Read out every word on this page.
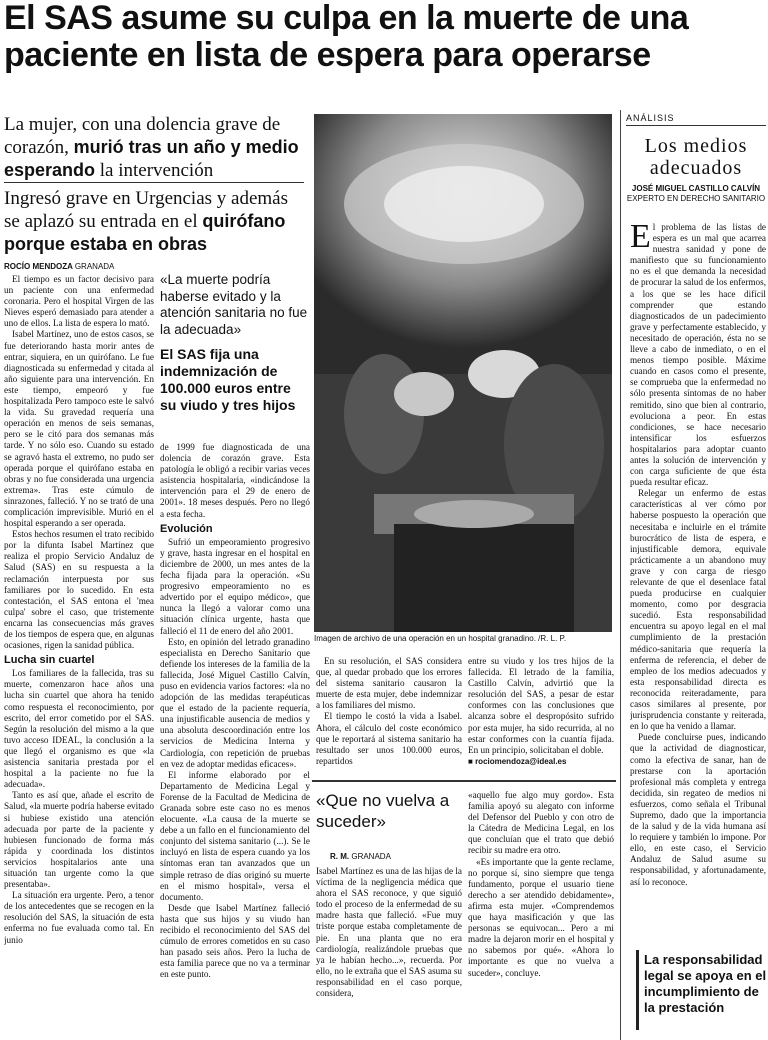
El SAS asume su culpa en la muerte de una paciente en lista de espera para operarse
La mujer, con una dolencia grave de corazón, murió tras un año y medio esperando la intervención
Ingresó grave en Urgencias y además se aplazó su entrada en el quirófano porque estaba en obras
ROCÍO MENDOZA GRANADA

El tiempo es un factor decisivo para un paciente con una enfermedad coronaria. Pero el hospital Virgen de las Nieves esperó demasiado para atender a uno de ellos. La lista de espera lo mató.

Isabel Martínez, uno de estos casos, se fue deteriorando hasta morir antes de entrar, siquiera, en un quirófano. Le fue diagnosticada su enfermedad y citada al año siguiente para una intervención. En este tiempo, empeoró y fue hospitalizada Pero tampoco este le salvó la vida. Su gravedad requería una operación en menos de seis semanas, pero se le citó para dos semanas más tarde. Y no sólo eso. Cuando su estado se agravó hasta el extremo, no pudo ser operada porque el quirófano estaba en obras y no fue considerada una urgencia extrema». Tras este cúmulo de sinrazones, falleció. Y no se trató de una complicación imprevisible. Murió en el hospital esperando a ser operada.

Estos hechos resumen el trato recibido por la difunta Isabel Martínez que realiza el propio Servicio Andaluz de Salud (SAS) en su respuesta a la reclamación interpuesta por sus familiares por lo sucedido. En esta contestación, el SAS entona el 'mea culpa' sobre el caso, que tristemente encarna las consecuencias más graves de los tiempos de espera que, en algunas ocasiones, rigen la sanidad pública.

Lucha sin cuartel

Los familiares de la fallecida, tras su muerte, comenzaron hace años una lucha sin cuartel que ahora ha tenido como respuesta el reconocimiento, por escrito, del error cometido por el SAS. Según la resolución del mismo a la que tuvo acceso IDEAL, la conclusión a la que llegó el organismo es que «la asistencia sanitaria prestada por el hospital a la paciente no fue la adecuada».

Tanto es así que, añade el escrito de Salud, «la muerte podría haberse evitado si hubiese existido una atención adecuada por parte de la paciente y hubiesen funcionado de forma más rápida y coordinada los distintos servicios hospitalarios ante una situación tan urgente como la que presentaba».

La situación era urgente. Pero, a tenor de los antecedentes que se recogen en la resolución del SAS, la situación de esta enferma no fue evaluada como tal. En junio

«La muerte podría haberse evitado y la atención sanitaria no fue la adecuada»
El SAS fija una indemnización de 100.000 euros entre su viudo y tres hijos

de 1999 fue diagnosticada de una dolencia de corazón grave. Esta patología le obligó a recibir varias veces asistencia hospitalaria, «indicándose la intervención para el 29 de enero de 2001». 18 meses después. Pero no llegó a esta fecha.

Evolución

Sufrió un empeoramiento progresivo y grave, hasta ingresar en el hospital en diciembre de 2000, un mes antes de la fecha fijada para la operación. «Su progresivo empeoramiento no es advertido por el equipo médico», que nunca la llegó a valorar como una situación clínica urgente, hasta que falleció el 11 de enero del año 2001.

Esto, en opinión del letrado granadino especialista en Derecho Sanitario que defiende los intereses de la familia de la fallecida, José Miguel Castillo Calvín, puso en evidencia varios factores: «la no adopción de las medidas terapéuticas que el estado de la paciente requería, una injustificable ausencia de medios y una absoluta descoordinación entre los servicios de Medicina Interna y Cardiología, con repetición de pruebas en vez de adoptar medidas eficaces».

El informe elaborado por el Departamento de Medicina Legal y Forense de la Facultad de Medicina de Granada sobre este caso no es menos elocuente. «La causa de la muerte se debe a un fallo en el funcionamiento del conjunto del sistema sanitario (...). Se le incluyó en lista de espera cuando ya los síntomas eran tan avanzados que un simple retraso de días originó su muerte en el mismo hospital», versa el documento.

Desde que Isabel Martínez falleció hasta que sus hijos y su viudo han recibido el reconocimiento del SAS del cúmulo de errores cometidos en su caso han pasado seis años. Pero la lucha de esta familia parece que no va a terminar en este punto.

Imagen de archivo de una operación en un hospital granadino. /R. L. P.

En su resolución, el SAS considera que, al quedar probado que los errores del sistema sanitario causaron la muerte de esta mujer, debe indemnizar a los familiares del mismo.

El tiempo le costó la vida a Isabel. Ahora, el cálculo del coste económico que le reportará al sistema sanitario ha resultado ser unos 100.000 euros, repartidos

entre su viudo y los tres hijos de la fallecida. El letrado de la familia, Castillo Calvín, advirtió que la resolución del SAS, a pesar de estar conformes con las conclusiones que alcanza sobre el despropósito sufrido por esta mujer, ha sido recurrida, al no estar conformes con la cuantía fijada. En un principio, solicitaban el doble.

■ rociomendoza@ideal.es

«Que no vuelva a suceder»
R. M. GRANADA

Isabel Martínez es una de las hijas de la víctima de la negligencia médica que ahora el SAS reconoce, y que siguió todo el proceso de la enfermedad de su madre hasta que falleció. «Fue muy triste porque estaba completamente de pie. En una planta que no era cardiología, realizándole pruebas que ya le habían hecho...», recuerda. Por ello, no le extraña que el SAS asuma su responsabilidad en el caso porque, considera,

«aquello fue algo muy gordo». Esta familia apoyó su alegato con informe del Defensor del Pueblo y con otro de la Cátedra de Medicina Legal, en los que concluían que el trato que debió recibir su madre era otro.

«Es importante que la gente reclame, no porque sí, sino siempre que tenga fundamento, porque el usuario tiene derecho a ser atendido debidamente», afirma esta mujer. «Comprendemos que haya masificación y que las personas se equivocan... Pero a mi madre la dejaron morir en el hospital y no sabemos por qué». «Ahora lo importante es que no vuelva a suceder», concluye.

ANÁLISIS
Los medios adecuados
JOSÉ MIGUEL CASTILLO CALVÍN
EXPERTO EN DERECHO SANITARIO

El problema de las listas de espera es un mal que acarrea nuestra sanidad y pone de manifiesto que su funcionamiento no es el que demanda la necesidad de procurar la salud de los enfermos, a los que se les hace difícil comprender que estando diagnosticados de un padecimiento grave y perfectamente establecido, y necesitado de operación, ésta no se lleve a cabo de inmediato, o en el menos tiempo posible. Máxime cuando en casos como el presente, se comprueba que la enfermedad no sólo presenta síntomas de no haber remitido, sino que bien al contrario, evoluciona a peor. En estas condiciones, se hace necesario intensificar los esfuerzos hospitalarios para adoptar cuanto antes la solución de intervención y con carga suficiente de que ésta pueda resultar eficaz.

Relegar un enfermo de estas características al ver cómo por haberse pospuesto la operación que necesitaba e incluirle en el trámite burocrático de lista de espera, e injustificable demora, equivale prácticamente a un abandono muy grave y con carga de riesgo relevante de que el desenlace fatal pueda producirse en cualquier momento, como por desgracia sucedió. Esta responsabilidad encuentra su apoyo legal en el mal cumplimiento de la prestación médico-sanitaria que requería la enferma de referencia, el deber de empleo de los medios adecuados y esta responsabilidad directa es reconocida reiteradamente, para casos similares al presente, por jurisprudencia constante y reiterada, en lo que ha venido a llamar.

Puede concluirse pues, indicando que la actividad de diagnosticar, como la efectiva de sanar, han de prestarse con la aportación profesional más completa y entrega decidida, sin regateo de medios ni esfuerzos, como señala el Tribunal Supremo, dado que la importancia de la salud y de la vida humana así lo requiere y también lo impone. Por ello, en este caso, el Servicio Andaluz de Salud asume su responsabilidad, y afortunadamente, así lo reconoce.

La responsabilidad legal se apoya en el incumplimiento de la prestación
